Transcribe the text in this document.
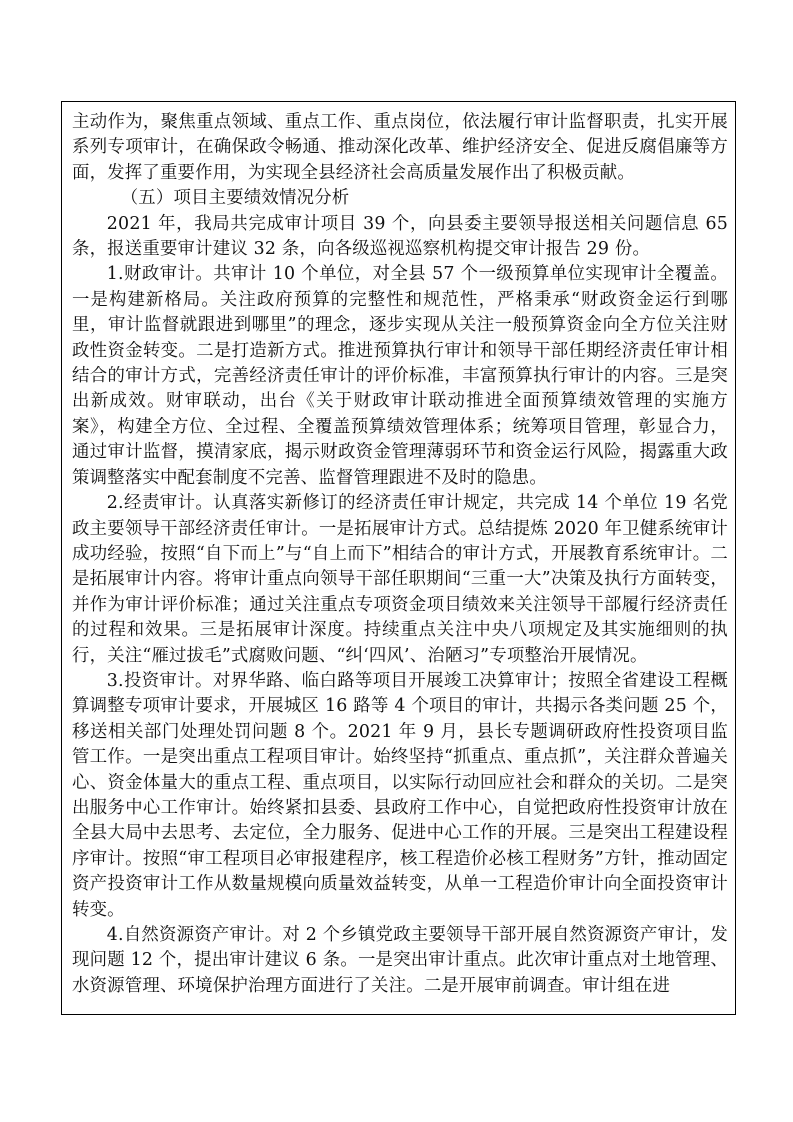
主动作为，聚焦重点领域、重点工作、重点岗位，依法履行审计监督职责，扎实开展系列专项审计，在确保政令畅通、推动深化改革、维护经济安全、促进反腐倡廉等方面，发挥了重要作用，为实现全县经济社会高质量发展作出了积极贡献。

（五）项目主要绩效情况分析

2021 年，我局共完成审计项目 39 个，向县委主要领导报送相关问题信息 65 条，报送重要审计建议 32 条，向各级巡视巡察机构提交审计报告 29 份。

1.财政审计。共审计 10 个单位，对全县 57 个一级预算单位实现审计全覆盖。一是构建新格局。关注政府预算的完整性和规范性，严格秉承“财政资金运行到哪里，审计监督就跟进到哪里”的理念，逐步实现从关注一般预算资金向全方位关注财政性资金转变。二是打造新方式。推进预算执行审计和领导干部任期经济责任审计相结合的审计方式，完善经济责任审计的评价标准，丰富预算执行审计的内容。三是突出新成效。财审联动，出台《关于财政审计联动推进全面预算绩效管理的实施方案》，构建全方位、全过程、全覆盖预算绩效管理体系；统筹项目管理，彰显合力，通过审计监督，摸清家底，揭示财政资金管理薄弱环节和资金运行风险，揭露重大政策调整落实中配套制度不完善、监督管理跟进不及时的隐患。

2.经责审计。认真落实新修订的经济责任审计规定，共完成 14 个单位 19 名党政主要领导干部经济责任审计。一是拓展审计方式。总结提炼 2020 年卫健系统审计成功经验，按照“自下而上”与“自上而下”相结合的审计方式，开展教育系统审计。二是拓展审计内容。将审计重点向领导干部任职期间“三重一大”决策及执行方面转变，并作为审计评价标准；通过关注重点专项资金项目绩效来关注领导干部履行经济责任的过程和效果。三是拓展审计深度。持续重点关注中央八项规定及其实施细则的执行，关注“雁过拔毛”式腐败问题、“纠‘四风’、治陋习”专项整治开展情况。

3.投资审计。对界华路、临白路等项目开展竣工决算审计；按照全省建设工程概算调整专项审计要求，开展城区 16 路等 4 个项目的审计，共揭示各类问题 25 个，移送相关部门处理处罚问题 8 个。2021 年 9 月，县长专题调研政府性投资项目监管工作。一是突出重点工程项目审计。始终坚持“抓重点、重点抓”，关注群众普遍关心、资金体量大的重点工程、重点项目，以实际行动回应社会和群众的关切。二是突出服务中心工作审计。始终紧扣县委、县政府工作中心，自觉把政府性投资审计放在全县大局中去思考、去定位，全力服务、促进中心工作的开展。三是突出工程建设程序审计。按照“审工程项目必审报建程序，核工程造价必核工程财务”方针，推动固定资产投资审计工作从数量规模向质量效益转变，从单一工程造价审计向全面投资审计转变。

4.自然资源资产审计。对 2 个乡镇党政主要领导干部开展自然资源资产审计，发现问题 12 个，提出审计建议 6 条。一是突出审计重点。此次审计重点对土地管理、水资源管理、环境保护治理方面进行了关注。二是开展审前调查。审计组在进
